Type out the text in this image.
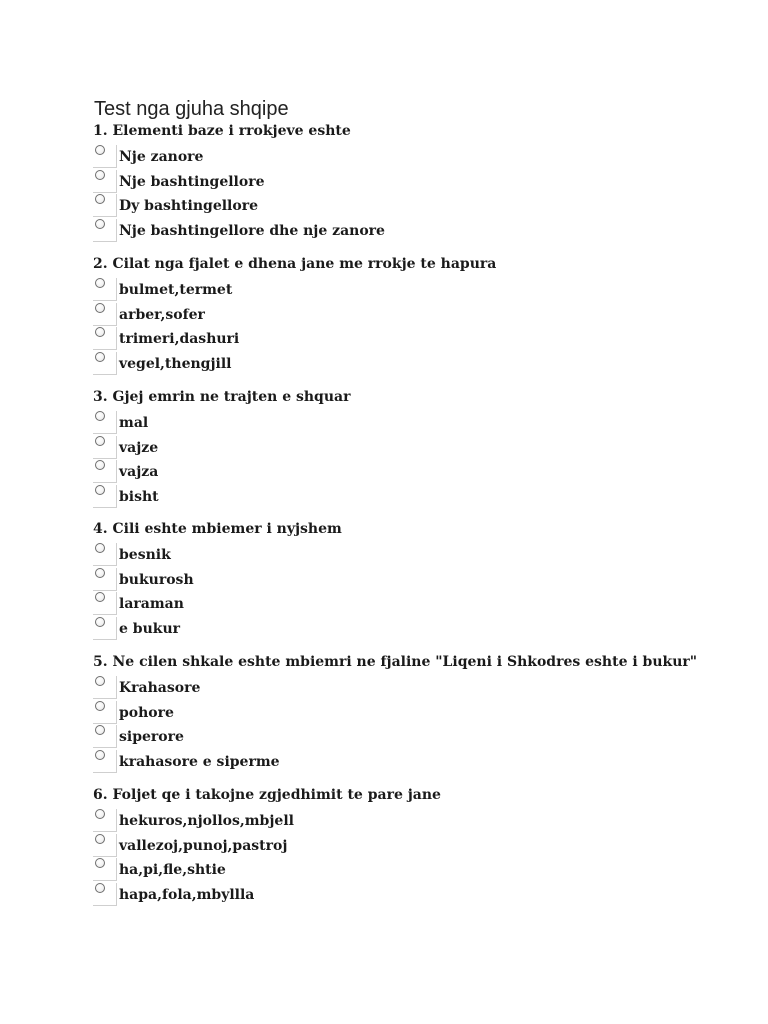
Test nga gjuha shqipe
1. Elementi baze i rrokjeve eshte
Nje zanore
Nje bashtingellore
Dy bashtingellore
Nje bashtingellore dhe nje zanore
2. Cilat nga fjalet e dhena jane me rrokje te hapura
bulmet,termet
arber,sofer
trimeri,dashuri
vegel,thengjill
3. Gjej emrin ne trajten e shquar
mal
vajze
vajza
bisht
4. Cili eshte mbiemer i nyjshem
besnik
bukurosh
laraman
e bukur
5. Ne cilen shkale eshte mbiemri ne fjaline "Liqeni i Shkodres eshte i bukur"
Krahasore
pohore
siperore
krahasore e siperme
6. Foljet qe i takojne zgjedhimit te pare jane
hekuros,njollos,mbjell
vallezoj,punoj,pastroj
ha,pi,fle,shtie
hapa,fola,mbyllla
